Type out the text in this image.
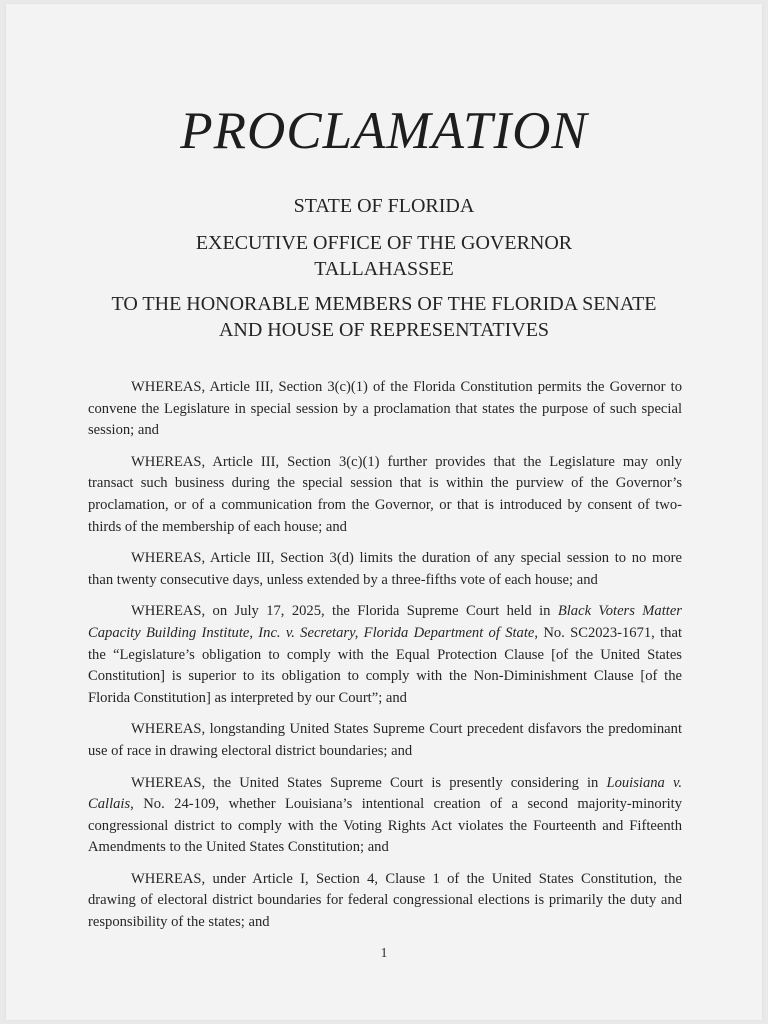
PROCLAMATION
STATE OF FLORIDA
EXECUTIVE OFFICE OF THE GOVERNOR
TALLAHASSEE
TO THE HONORABLE MEMBERS OF THE FLORIDA SENATE
AND HOUSE OF REPRESENTATIVES

WHEREAS, Article III, Section 3(c)(1) of the Florida Constitution permits the Governor to convene the Legislature in special session by a proclamation that states the purpose of such special session; and

WHEREAS, Article III, Section 3(c)(1) further provides that the Legislature may only transact such business during the special session that is within the purview of the Governor’s proclamation, or of a communication from the Governor, or that is introduced by consent of two-thirds of the membership of each house; and

WHEREAS, Article III, Section 3(d) limits the duration of any special session to no more than twenty consecutive days, unless extended by a three-fifths vote of each house; and

WHEREAS, on July 17, 2025, the Florida Supreme Court held in Black Voters Matter Capacity Building Institute, Inc. v. Secretary, Florida Department of State, No. SC2023-1671, that the “Legislature’s obligation to comply with the Equal Protection Clause [of the United States Constitution] is superior to its obligation to comply with the Non-Diminishment Clause [of the Florida Constitution] as interpreted by our Court”; and

WHEREAS, longstanding United States Supreme Court precedent disfavors the predominant use of race in drawing electoral district boundaries; and

WHEREAS, the United States Supreme Court is presently considering in Louisiana v. Callais, No. 24-109, whether Louisiana’s intentional creation of a second majority-minority congressional district to comply with the Voting Rights Act violates the Fourteenth and Fifteenth Amendments to the United States Constitution; and

WHEREAS, under Article I, Section 4, Clause 1 of the United States Constitution, the drawing of electoral district boundaries for federal congressional elections is primarily the duty and responsibility of the states; and

1
